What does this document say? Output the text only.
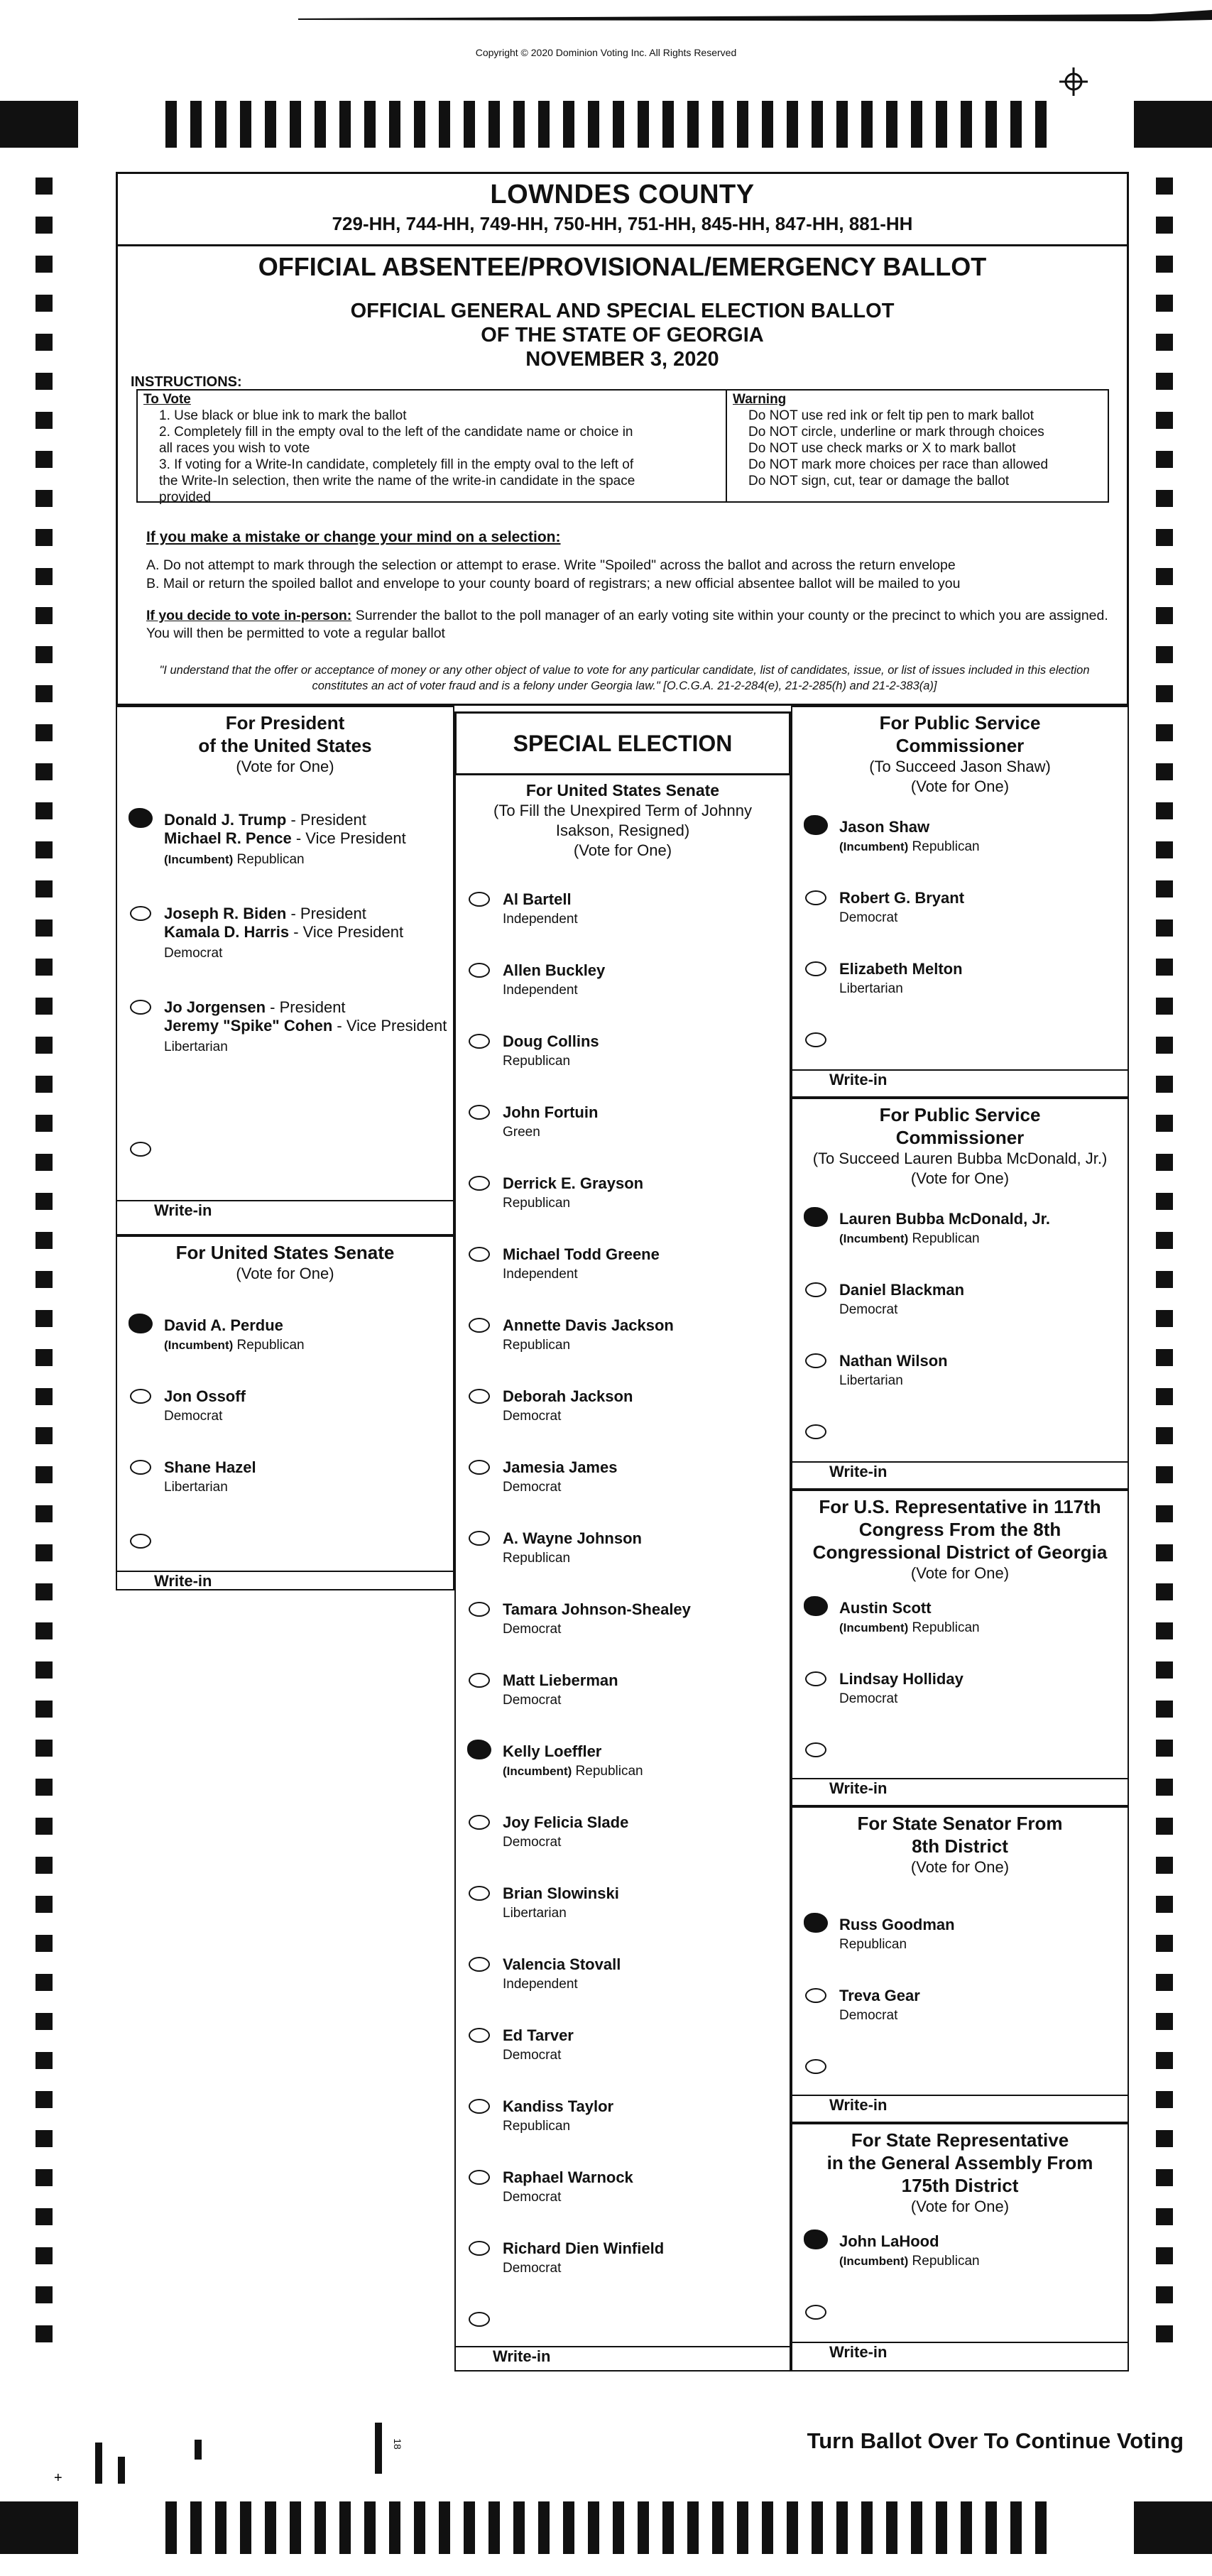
Copyright © 2020 Dominion Voting Inc. All Rights Reserved
LOWNDES COUNTY
729-HH, 744-HH, 749-HH, 750-HH, 751-HH, 845-HH, 847-HH, 881-HH
OFFICIAL ABSENTEE/PROVISIONAL/EMERGENCY BALLOT
OFFICIAL GENERAL AND SPECIAL ELECTION BALLOT
OF THE STATE OF GEORGIA
NOVEMBER 3, 2020
INSTRUCTIONS:
To Vote
1. Use black or blue ink to mark the ballot
2. Completely fill in the empty oval to the left of the candidate name or choice in
all races you wish to vote
3. If voting for a Write-In candidate, completely fill in the empty oval to the left of
the Write-In selection, then write the name of the write-in candidate in the space
provided
Warning
Do NOT use red ink or felt tip pen to mark ballot
Do NOT circle, underline or mark through choices
Do NOT use check marks or X to mark ballot
Do NOT mark more choices per race than allowed
Do NOT sign, cut, tear or damage the ballot
If you make a mistake or change your mind on a selection:
A. Do not attempt to mark through the selection or attempt to erase. Write "Spoiled" across the ballot and across the return envelope
B. Mail or return the spoiled ballot and envelope to your county board of registrars; a new official absentee ballot will be mailed to you
If you decide to vote in-person: Surrender the ballot to the poll manager of an early voting site within your county or the precinct to which you are assigned. You will then be permitted to vote a regular ballot
"I understand that the offer or acceptance of money or any other object of value to vote for any particular candidate, list of candidates, issue, or list of issues included in this election constitutes an act of voter fraud and is a felony under Georgia law." [O.C.G.A. 21-2-284(e), 21-2-285(h) and 21-2-383(a)]
SPECIAL ELECTION
For President
of the United States
(Vote for One)
Donald J. Trump - President
Michael R. Pence - Vice President
(Incumbent) Republican
Joseph R. Biden - President
Kamala D. Harris - Vice President
Democrat
Jo Jorgensen - President
Jeremy "Spike" Cohen - Vice President
Libertarian
Write-in
For United States Senate
(Vote for One)
David A. Perdue
(Incumbent) Republican
Jon Ossoff
Democrat
Shane Hazel
Libertarian
Write-in
For United States Senate
(To Fill the Unexpired Term of Johnny Isakson, Resigned)
(Vote for One)
Al Bartell
Independent
Allen Buckley
Independent
Doug Collins
Republican
John Fortuin
Green
Derrick E. Grayson
Republican
Michael Todd Greene
Independent
Annette Davis Jackson
Republican
Deborah Jackson
Democrat
Jamesia James
Democrat
A. Wayne Johnson
Republican
Tamara Johnson-Shealey
Democrat
Matt Lieberman
Democrat
Kelly Loeffler
(Incumbent) Republican
Joy Felicia Slade
Democrat
Brian Slowinski
Libertarian
Valencia Stovall
Independent
Ed Tarver
Democrat
Kandiss Taylor
Republican
Raphael Warnock
Democrat
Richard Dien Winfield
Democrat
Write-in
For Public Service
Commissioner
(To Succeed Jason Shaw)
(Vote for One)
Jason Shaw
(Incumbent) Republican
Robert G. Bryant
Democrat
Elizabeth Melton
Libertarian
Write-in
For Public Service
Commissioner
(To Succeed Lauren Bubba McDonald, Jr.)
(Vote for One)
Lauren Bubba McDonald, Jr.
(Incumbent) Republican
Daniel Blackman
Democrat
Nathan Wilson
Libertarian
Write-in
For U.S. Representative in 117th
Congress From the 8th
Congressional District of Georgia
(Vote for One)
Austin Scott
(Incumbent) Republican
Lindsay Holliday
Democrat
Write-in
For State Senator From
8th District
(Vote for One)
Russ Goodman
Republican
Treva Gear
Democrat
Write-in
For State Representative
in the General Assembly From
175th District
(Vote for One)
John LaHood
(Incumbent) Republican
Write-in
Turn Ballot Over To Continue Voting
+
18
